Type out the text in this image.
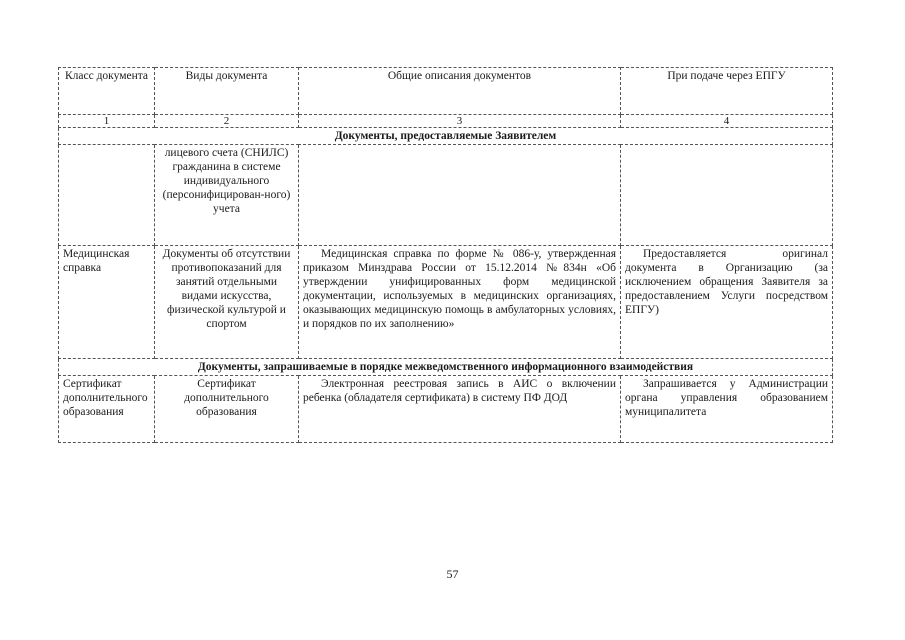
Класс документа	Виды документа	Общие описания документов	При подаче через ЕПГУ
1	2	3	4
Документы, предоставляемые Заявителем			
	лицевого счета (СНИЛС) гражданина в системе индивидуального (персонифицирован-ного) учета		
Медицинская справка	Документы об отсутствии противопоказаний для занятий отдельными видами искусства, физической культурой и спортом	Медицинская справка по форме № 086-у, утвержденная приказом Минздрава России от 15.12.2014 №834н «Об утверждении унифицированных форм медицинской документации, используемых в медицинских организациях, оказывающих медицинскую помощь в амбулаторных условиях, и порядков по их заполнению»	Предоставляется оригинал документа в Организацию (за исключением обращения Заявителя за предоставлением Услуги посредством ЕПГУ)
Документы, запрашиваемые в порядке межведомственного информационного взаимодействия			
Сертификат дополнительного образования	Сертификат дополнительного образования	Электронная реестровая запись в АИС о включении ребенка (обладателя сертификата) в систему ПФ ДОД	Запрашивается у Администрации органа управления образованием муниципалитета
57
